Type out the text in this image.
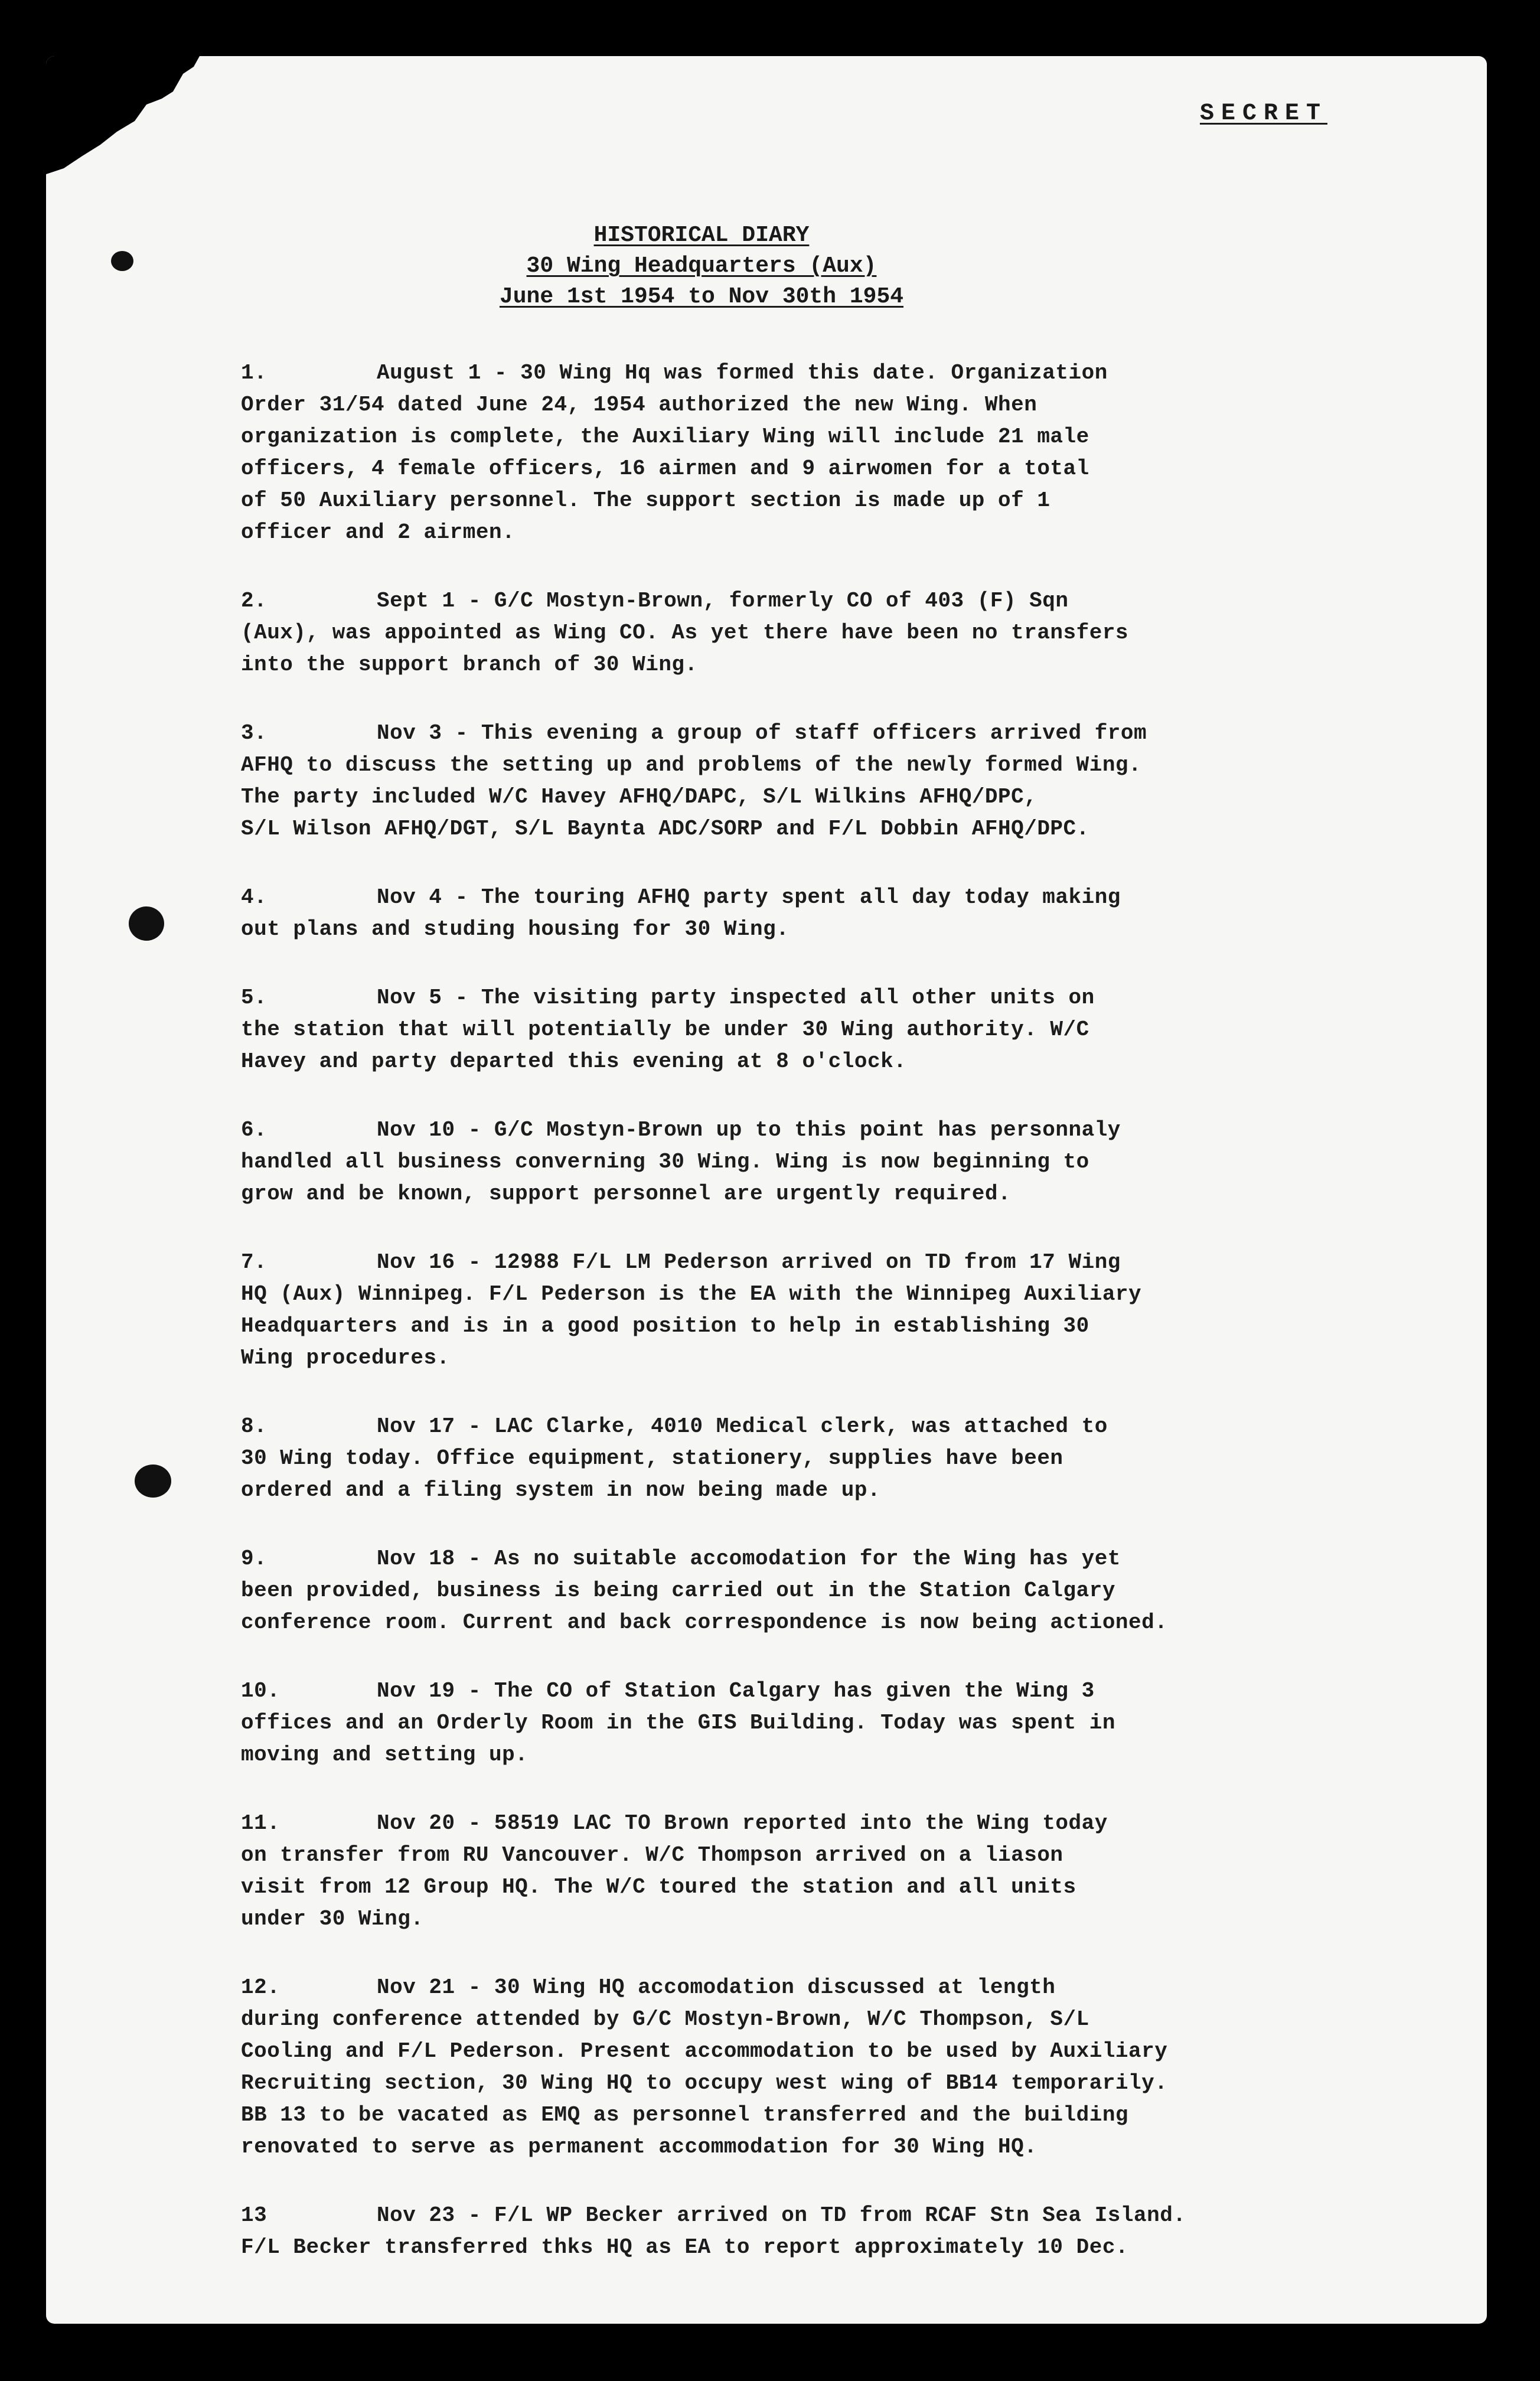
SECRET
HISTORICAL DIARY
30 Wing Headquarters (Aux)
June 1st 1954 to Nov 30th 1954
1.	August 1 - 30 Wing Hq was formed this date. Organization
Order 31/54 dated June 24, 1954 authorized the new Wing. When
organization is complete, the Auxiliary Wing will include 21 male
officers, 4 female officers, 16 airmen and 9 airwomen for a total
of 50 Auxiliary personnel. The support section is made up of 1
officer and 2 airmen.
2.	Sept 1 - G/C Mostyn-Brown, formerly CO of 403 (F) Sqn
(Aux), was appointed as Wing CO. As yet there have been no transfers
into the support branch of 30 Wing.
3.	Nov 3 - This evening a group of staff officers arrived from
AFHQ to discuss the setting up and problems of the newly formed Wing.
The party included W/C Havey AFHQ/DAPC, S/L Wilkins AFHQ/DPC,
S/L Wilson AFHQ/DGT, S/L Baynta ADC/SORP and F/L Dobbin AFHQ/DPC.
4.	Nov 4 - The touring AFHQ party spent all day today making
out plans and studing housing for 30 Wing.
5.	Nov 5 - The visiting party inspected all other units on
the station that will potentially be under 30 Wing authority. W/C
Havey and party departed this evening at 8 o'clock.
6.	Nov 10 - G/C Mostyn-Brown up to this point has personnaly
handled all business converning 30 Wing. Wing is now beginning to
grow and be known, support personnel are urgently required.
7.	Nov 16 - 12988 F/L LM Pederson arrived on TD from 17 Wing
HQ (Aux) Winnipeg. F/L Pederson is the EA with the Winnipeg Auxiliary
Headquarters and is in a good position to help in establishing 30
Wing procedures.
8.	Nov 17 - LAC Clarke, 4010 Medical clerk, was attached to
30 Wing today. Office equipment, stationery, supplies have been
ordered and a filing system in now being made up.
9.	Nov 18 - As no suitable accomodation for the Wing has yet
been provided, business is being carried out in the Station Calgary
conference room. Current and back correspondence is now being actioned.
10.	Nov 19 - The CO of Station Calgary has given the Wing 3
offices and an Orderly Room in the GIS Building. Today was spent in
moving and setting up.
11.	Nov 20 - 58519 LAC TO Brown reported into the Wing today
on transfer from RU Vancouver. W/C Thompson arrived on a liason
visit from 12 Group HQ. The W/C toured the station and all units
under 30 Wing.
12.	Nov 21 - 30 Wing HQ accomodation discussed at length
during conference attended by G/C Mostyn-Brown, W/C Thompson, S/L
Cooling and F/L Pederson. Present accommodation to be used by Auxiliary
Recruiting section, 30 Wing HQ to occupy west wing of BB14 temporarily.
BB 13 to be vacated as EMQ as personnel transferred and the building
renovated to serve as permanent accommodation for 30 Wing HQ.
13	Nov 23 - F/L WP Becker arrived on TD from RCAF Stn Sea Island.
F/L Becker transferred thks HQ as EA to report approximately 10 Dec.
